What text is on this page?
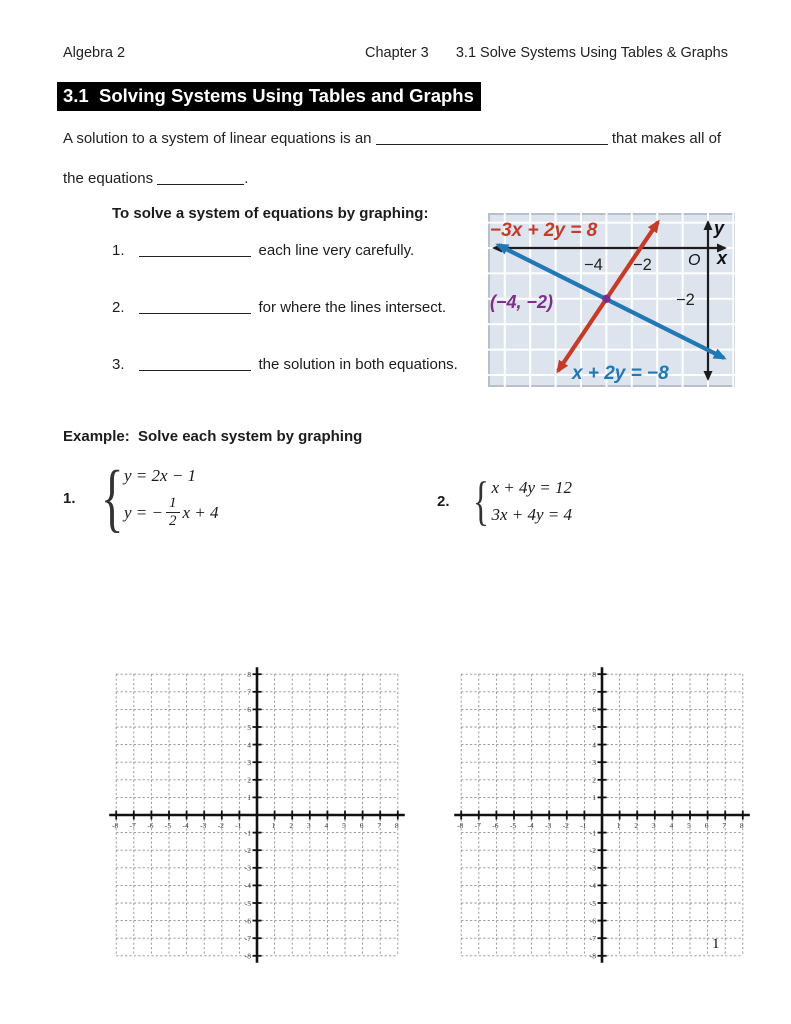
Algebra 2	Chapter 3 3.1 Solve Systems Using Tables & Graphs
3.1  Solving Systems Using Tables and Graphs
A solution to a system of linear equations is an	that makes all of
the equations	.
To solve a system of equations by graphing:
1.	each line very carefully.
2.	for where the lines intersect.
3.	the solution in both equations.
−3x + 2y = 8
x + 2y = −8
(−4, −2)
y
x
O
−4 −2
−2
Example:  Solve each system by graphing
1. { y = 2x − 1
y = − $\frac{1}{2}$ x + 4
2. { x + 4y = 12
3x + 4y = 4
-8
-8
-7
-7
-6
-6
-5
-5
-4
-4
-3
-3
-2
-2
-1
-1
1
1
2
2
3
3
4
4
5
5
6
6
7
7
8
8
-8
-8
-7
-7
-6
-6
-5
-5
-4
-4
-3
-3
-2
-2
-1
-1
1
1
2
2
3
3
4
4
5
5
6
6
7
7
8
8
1
